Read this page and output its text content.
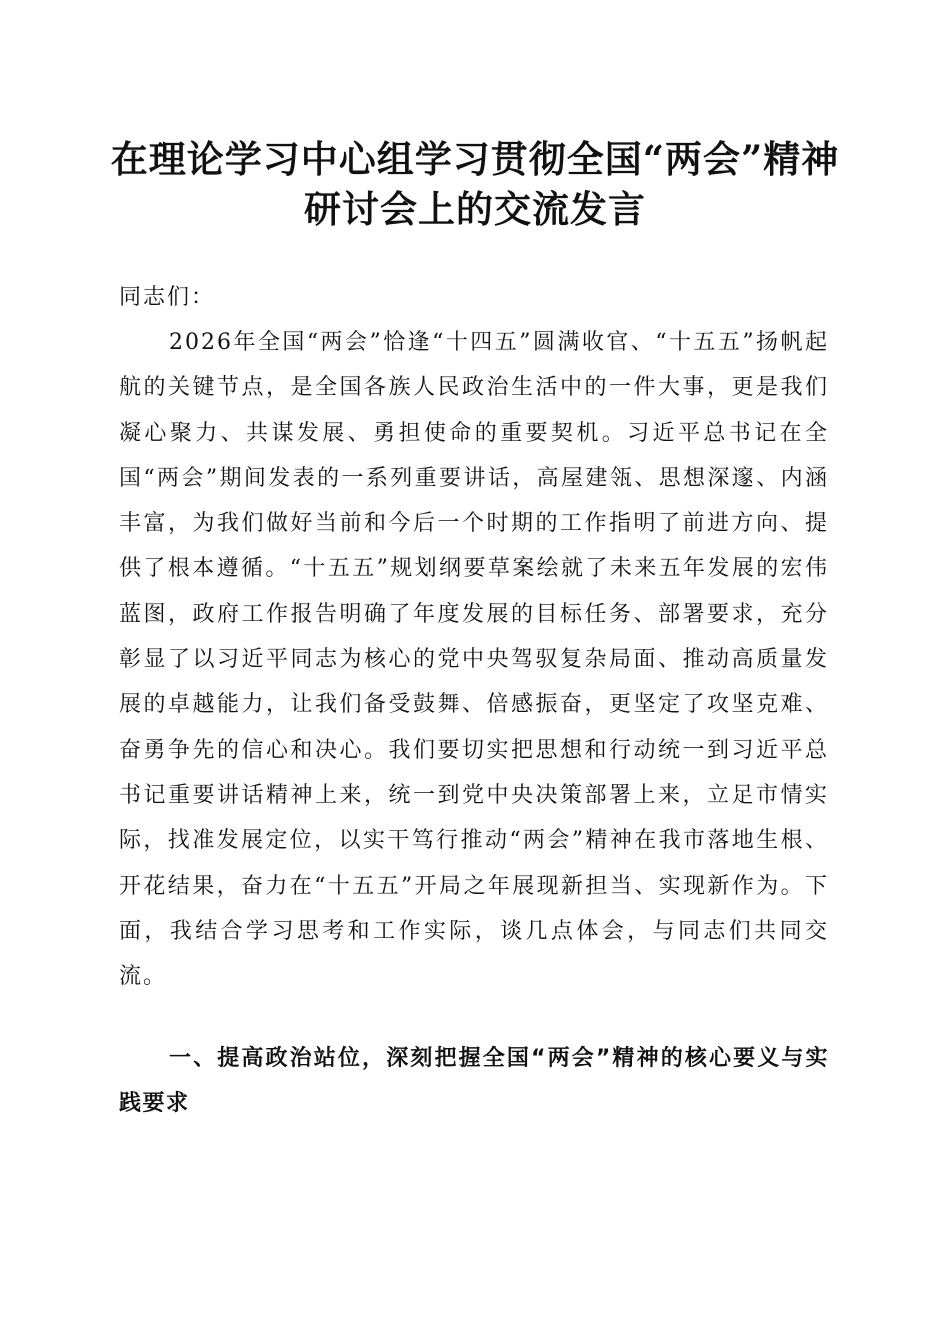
在理论学习中心组学习贯彻全国“两会”精神
研讨会上的交流发言
同志们：

2026年全国“两会”恰逢“十四五”圆满收官、“十五五”扬帆起航的关键节点，是全国各族人民政治生活中的一件大事，更是我们凝心聚力、共谋发展、勇担使命的重要契机。习近平总书记在全国“两会”期间发表的一系列重要讲话，高屋建瓴、思想深邃、内涵丰富，为我们做好当前和今后一个时期的工作指明了前进方向、提供了根本遵循。“十五五”规划纲要草案绘就了未来五年发展的宏伟蓝图，政府工作报告明确了年度发展的目标任务、部署要求，充分彰显了以习近平同志为核心的党中央驾驭复杂局面、推动高质量发展的卓越能力，让我们备受鼓舞、倍感振奋，更坚定了攻坚克难、奋勇争先的信心和决心。我们要切实把思想和行动统一到习近平总书记重要讲话精神上来，统一到党中央决策部署上来，立足市情实际，找准发展定位，以实干笃行推动“两会”精神在我市落地生根、开花结果，奋力在“十五五”开局之年展现新担当、实现新作为。下面，我结合学习思考和工作实际，谈几点体会，与同志们共同交流。

一、提高政治站位，深刻把握全国“两会”精神的核心要义与实践要求
